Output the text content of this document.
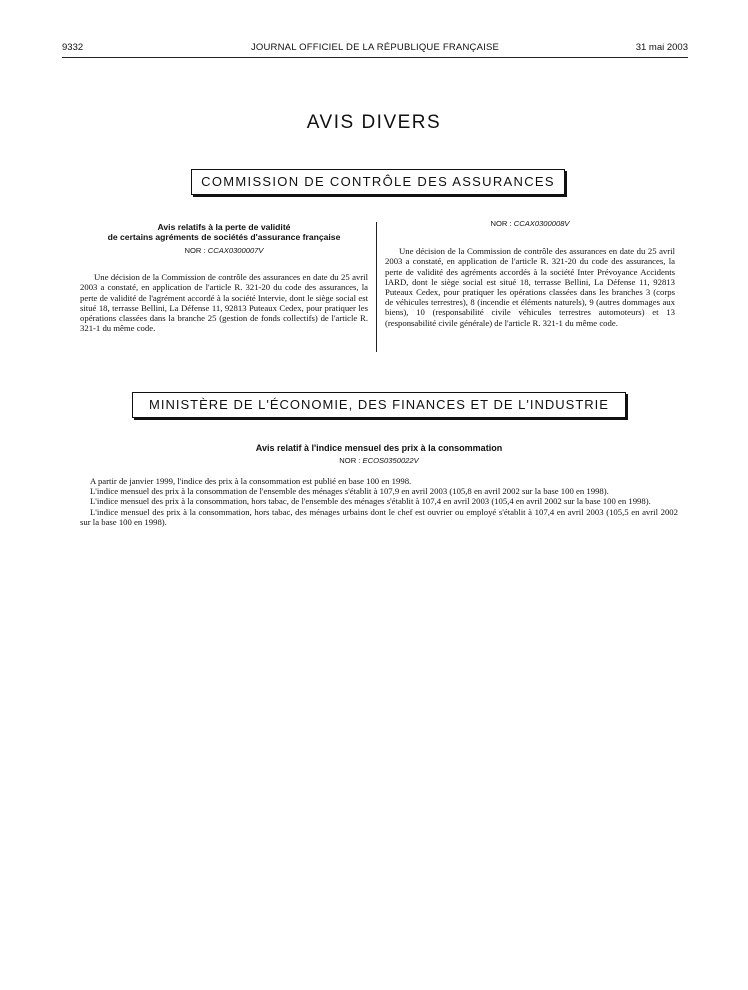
9332	JOURNAL OFFICIEL DE LA RÉPUBLIQUE FRANÇAISE	31 mai 2003
AVIS DIVERS
COMMISSION DE CONTRÔLE DES ASSURANCES
Avis relatifs à la perte de validité
de certains agréments de sociétés d'assurance française
NOR : CCAX0300007V

Une décision de la Commission de contrôle des assurances en date du 25 avril 2003 a constaté, en application de l'article R. 321-20 du code des assurances, la perte de validité de l'agrément accordé à la société Intervie, dont le siège social est situé 18, terrasse Bellini, La Défense 11, 92813 Puteaux Cedex, pour pratiquer les opérations classées dans la branche 25 (gestion de fonds collectifs) de l'article R. 321-1 du même code.

NOR : CCAX0300008V

Une décision de la Commission de contrôle des assurances en date du 25 avril 2003 a constaté, en application de l'article R. 321-20 du code des assurances, la perte de validité des agréments accordés à la société Inter Prévoyance Accidents IARD, dont le siège social est situé 18, terrasse Bellini, La Défense 11, 92813 Puteaux Cedex, pour pratiquer les opérations classées dans les branches 3 (corps de véhicules terrestres), 8 (incendie et éléments naturels), 9 (autres dommages aux biens), 10 (responsabilité civile véhicules terrestres automoteurs) et 13 (responsabilité civile générale) de l'article R. 321-1 du même code.

MINISTÈRE DE L'ÉCONOMIE, DES FINANCES ET DE L'INDUSTRIE
Avis relatif à l'indice mensuel des prix à la consommation
NOR : ECOS0350022V

A partir de janvier 1999, l'indice des prix à la consommation est publié en base 100 en 1998.

L'indice mensuel des prix à la consommation de l'ensemble des ménages s'établit à 107,9 en avril 2003 (105,8 en avril 2002 sur la base 100 en 1998).

L'indice mensuel des prix à la consommation, hors tabac, de l'ensemble des ménages s'établit à 107,4 en avril 2003 (105,4 en avril 2002 sur la base 100 en 1998).

L'indice mensuel des prix à la consommation, hors tabac, des ménages urbains dont le chef est ouvrier ou employé s'établit à 107,4 en avril 2003 (105,5 en avril 2002 sur la base 100 en 1998).
